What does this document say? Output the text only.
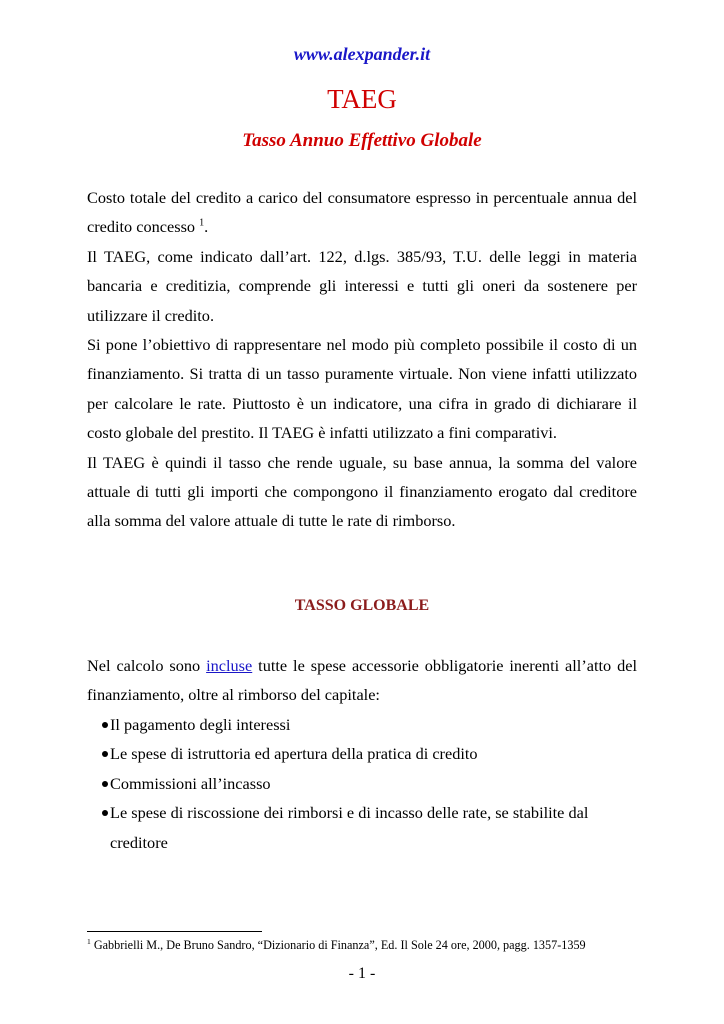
www.alexpander.it
TAEG
Tasso Annuo Effettivo Globale

Costo totale del credito a carico del consumatore espresso in percentuale annua del credito concesso $^1$.
Il TAEG, come indicato dall’art. 122, d.lgs. 385/93, T.U. delle leggi in materia bancaria e creditizia, comprende gli interessi e tutti gli oneri da sostenere per utilizzare il credito.
Si pone l’obiettivo di rappresentare nel modo più completo possibile il costo di un finanziamento. Si tratta di un tasso puramente virtuale. Non viene infatti utilizzato per calcolare le rate. Piuttosto è un indicatore, una cifra in grado di dichiarare il costo globale del prestito. Il TAEG è infatti utilizzato a fini comparativi.
Il TAEG è quindi il tasso che rende uguale, su base annua, la somma del valore attuale di tutti gli importi che compongono il finanziamento erogato dal creditore alla somma del valore attuale di tutte le rate di rimborso.

TASSO GLOBALE

Nel calcolo sono incluse tutte le spese accessorie obbligatorie inerenti all’atto del finanziamento, oltre al rimborso del capitale:

Il pagamento degli interessi
Le spese di istruttoria ed apertura della pratica di credito
Commissioni all’incasso
Le spese di riscossione dei rimborsi e di incasso delle rate, se stabilite dal creditore

$^1$ Gabbrielli M., De Bruno Sandro, “Dizionario di Finanza”, Ed. Il Sole 24 ore, 2000, pagg. 1357-1359

- 1 -
